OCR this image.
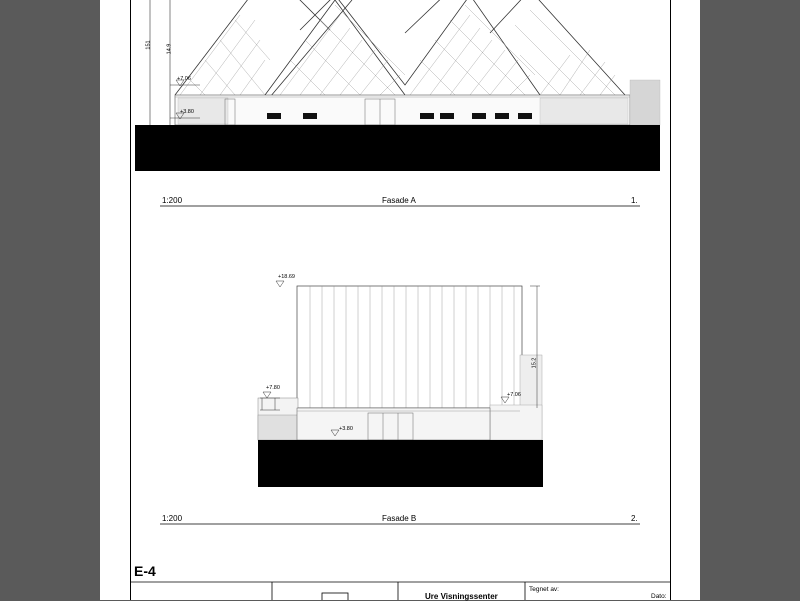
151	14.9
+7.06
+3.80
1:200	Fasade A	1.
+18.69
+7.80
+7.06
+3.80
15.2
1:200	Fasade B	2.
E-4
Ure Visningssenter
Tegnet av:
Dato:
